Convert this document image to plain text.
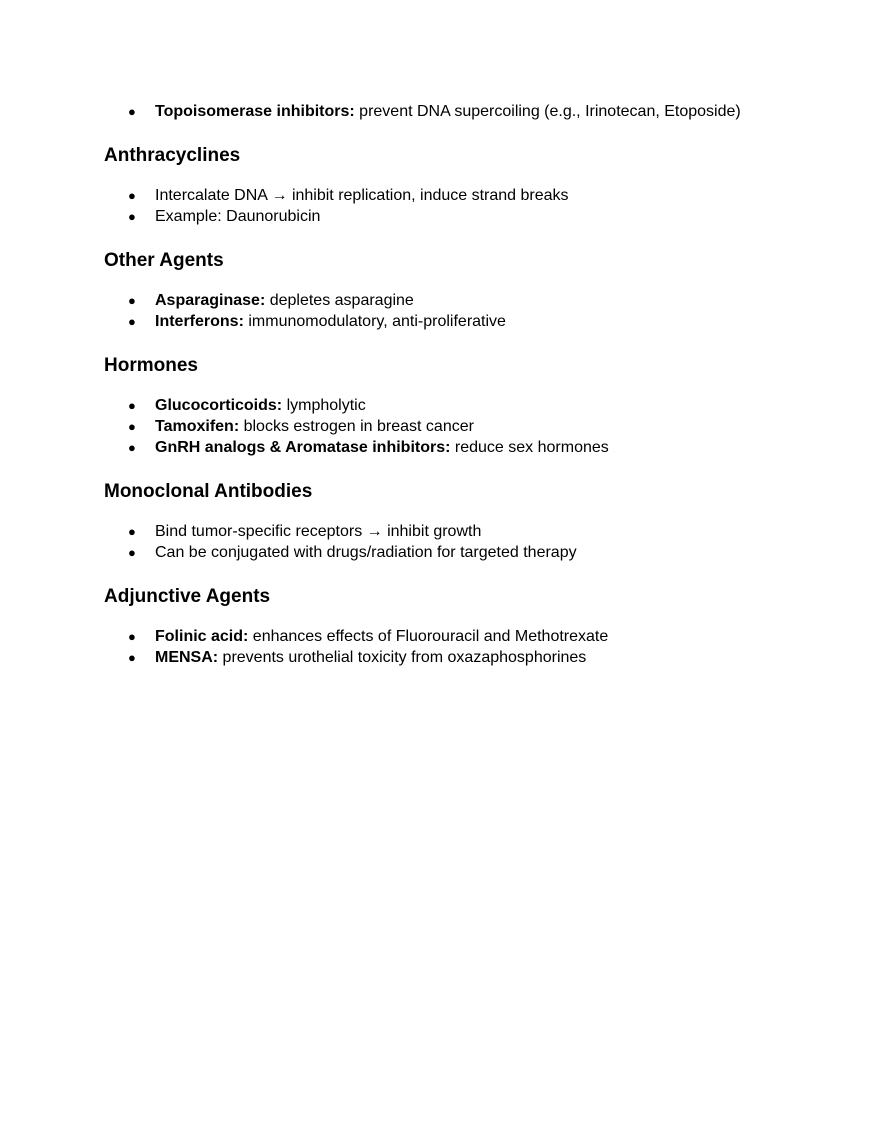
● Topoisomerase inhibitors: prevent DNA supercoiling (e.g., Irinotecan, Etoposide)
Anthracyclines
● Intercalate DNA → inhibit replication, induce strand breaks
● Example: Daunorubicin
Other Agents
● Asparaginase: depletes asparagine
● Interferons: immunomodulatory, anti-proliferative
Hormones
● Glucocorticoids: lympholytic
● Tamoxifen: blocks estrogen in breast cancer
● GnRH analogs & Aromatase inhibitors: reduce sex hormones
Monoclonal Antibodies
● Bind tumor-specific receptors → inhibit growth
● Can be conjugated with drugs/radiation for targeted therapy
Adjunctive Agents
● Folinic acid: enhances effects of Fluorouracil and Methotrexate
● MENSA: prevents urothelial toxicity from oxazaphosphorines
